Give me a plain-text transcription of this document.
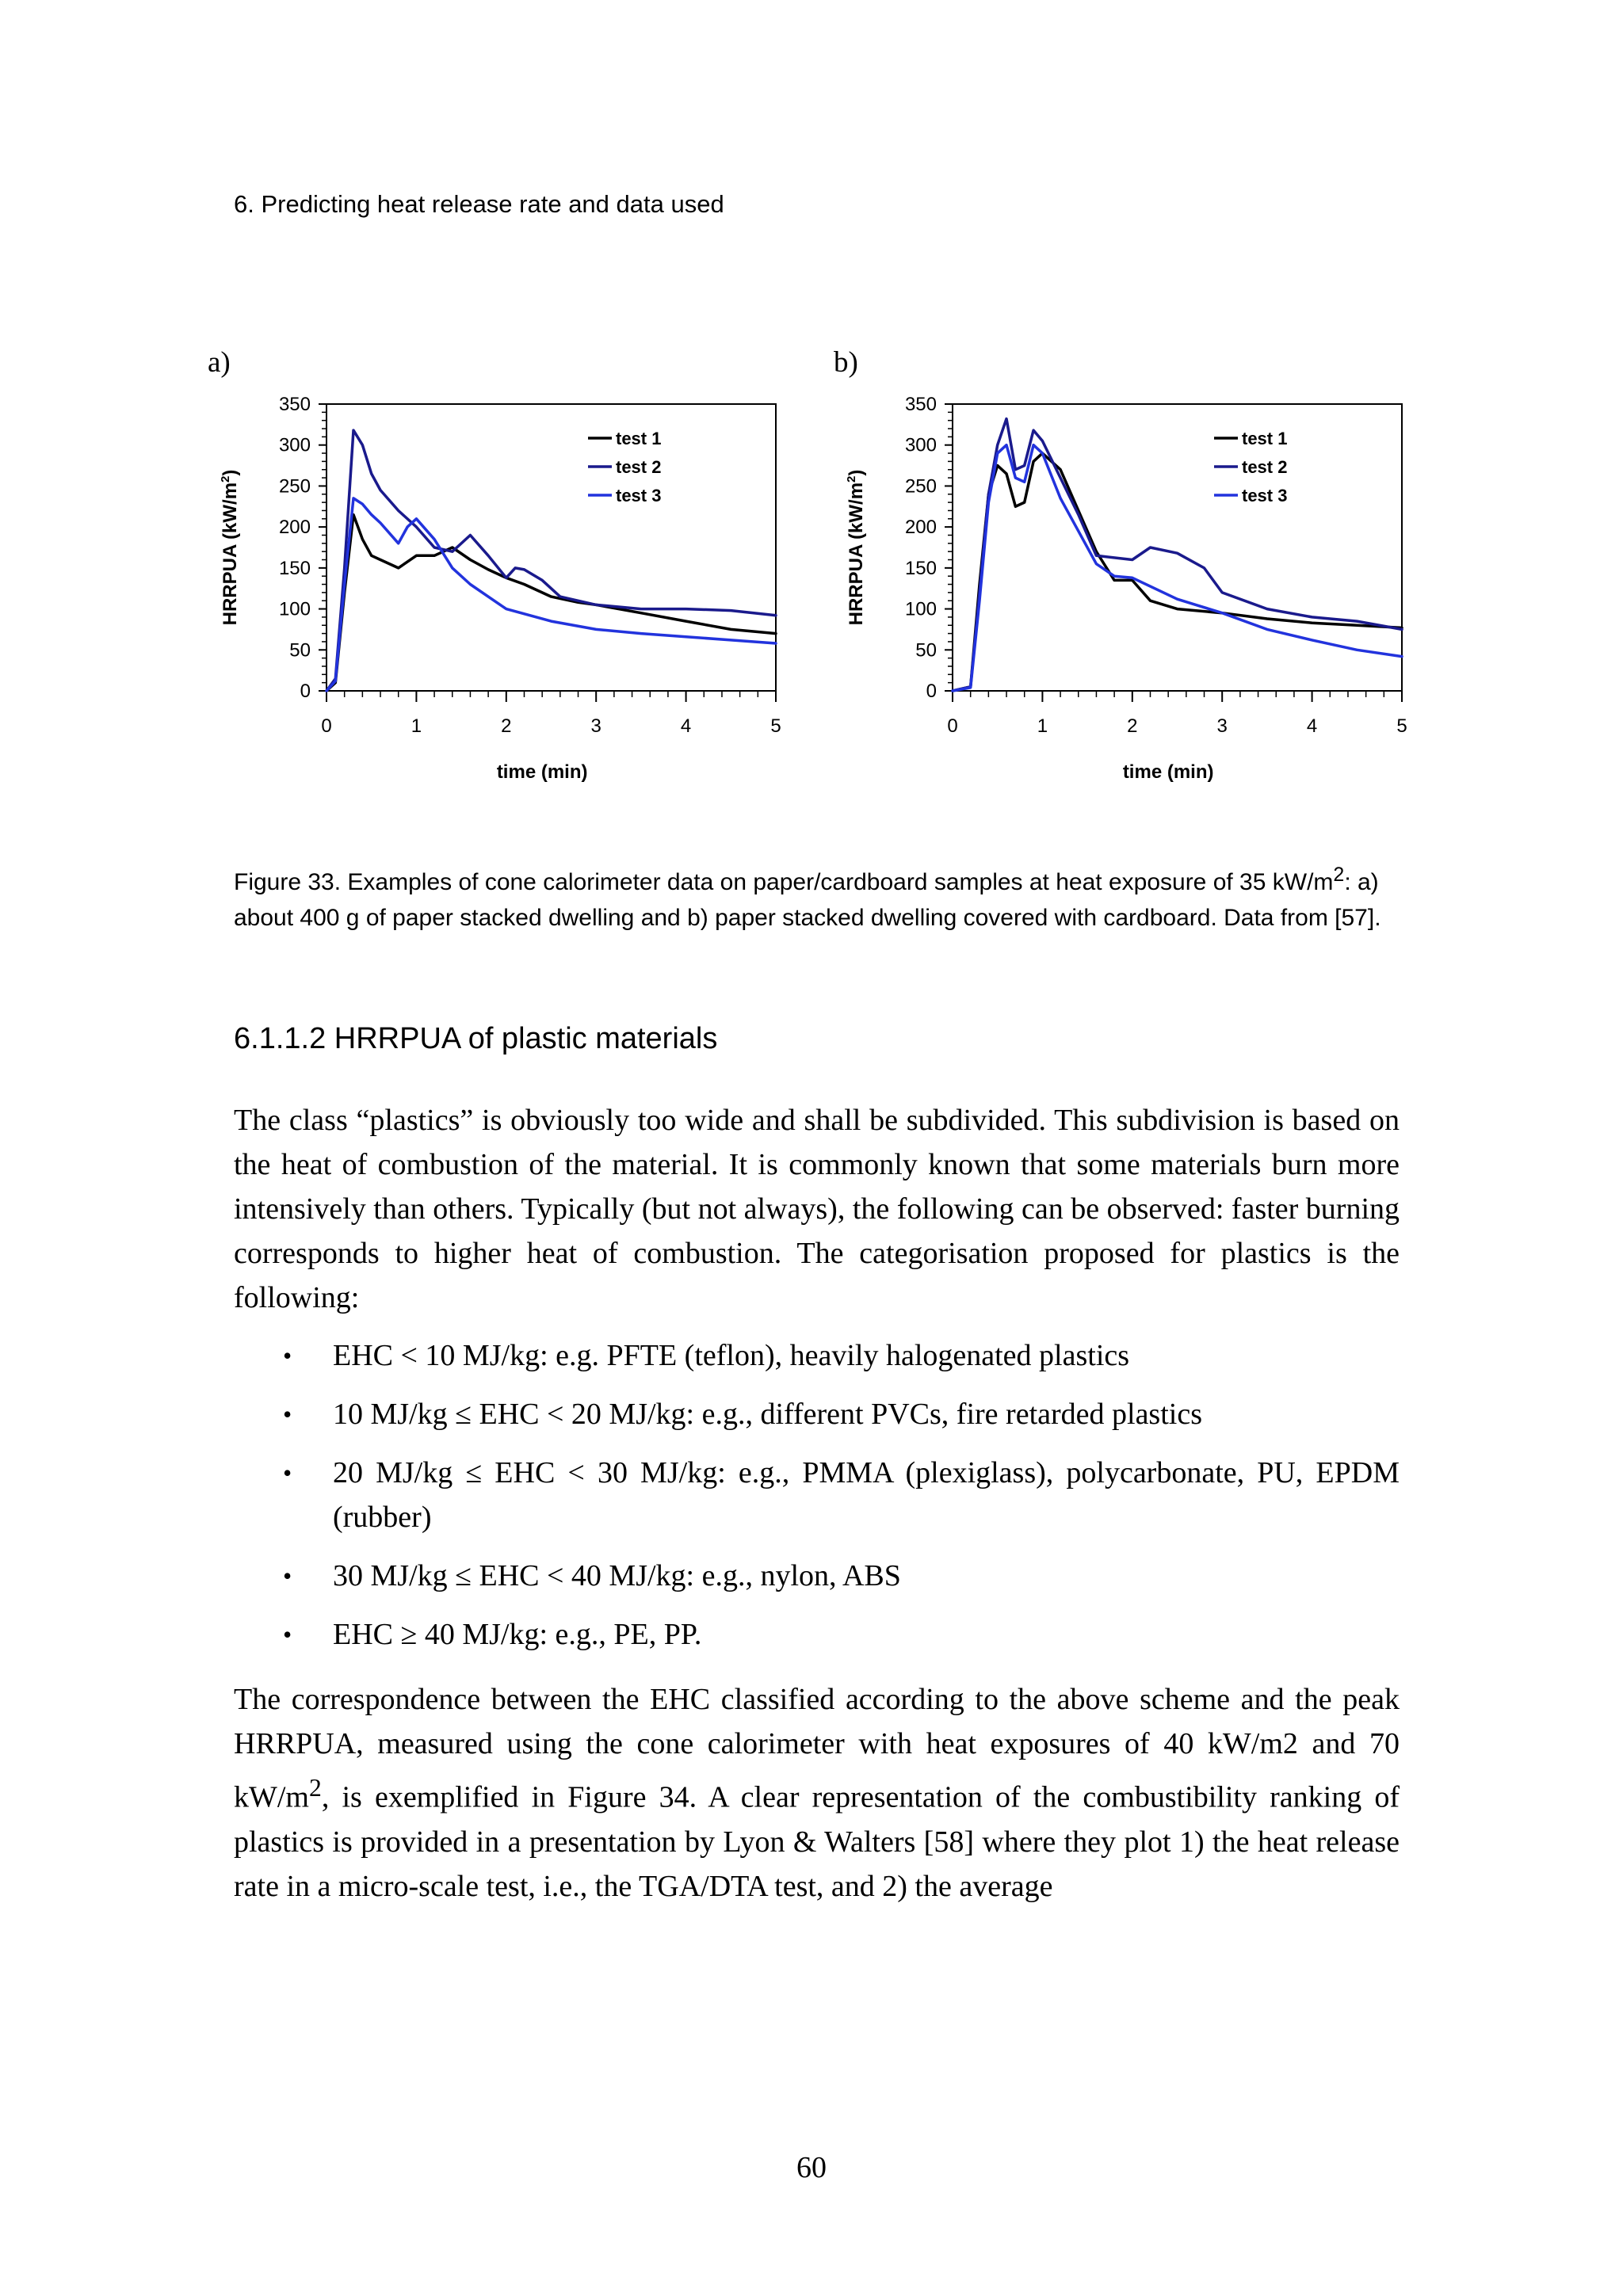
6. Predicting heat release rate and data used
a)	b)
0
50
100
150
200
250
300
350
0	1	2	3	4	5
time (min)
HRRPUA $(kW/m^2)$
test 1
test 2
test 3
0
50
100
150
200
250
300
350
0	1	2	3	4	5
time (min)
HRRPUA $(kW/m^2)$
test 1
test 2
test 3
Figure 33. Examples of cone calorimeter data on paper/cardboard samples at heat exposure of 35 $kW/m^2$: a) about 400 g of paper stacked dwelling and b) paper stacked dwelling covered with cardboard. Data from [57].
6.1.1.2 HRRPUA of plastic materials

The class “plastics” is obviously too wide and shall be subdivided. This subdivision is based on the heat of combustion of the material. It is commonly known that some materials burn more intensively than others. Typically (but not always), the following can be observed: faster burning corresponds to higher heat of combustion. The categorisation proposed for plastics is the following:

• EHC < 10 MJ/kg: e.g. PFTE (teflon), heavily halogenated plastics
• 10 MJ/kg ≤ EHC < 20 MJ/kg: e.g., different PVCs, fire retarded plastics
• 20 MJ/kg ≤ EHC < 30 MJ/kg: e.g., PMMA (plexiglass), polycarbonate, PU, EPDM (rubber)
• 30 MJ/kg ≤ EHC < 40 MJ/kg: e.g., nylon, ABS
• EHC ≥ 40 MJ/kg: e.g., PE, PP.

The correspondence between the EHC classified according to the above scheme and the peak HRRPUA, measured using the cone calorimeter with heat exposures of 40 kW/m2 and 70 $kW/m^2$, is exemplified in Figure 34. A clear representation of the combustibility ranking of plastics is provided in a presentation by Lyon & Walters [58] where they plot 1) the heat release rate in a micro-scale test, i.e., the TGA/DTA test, and 2) the average

60
